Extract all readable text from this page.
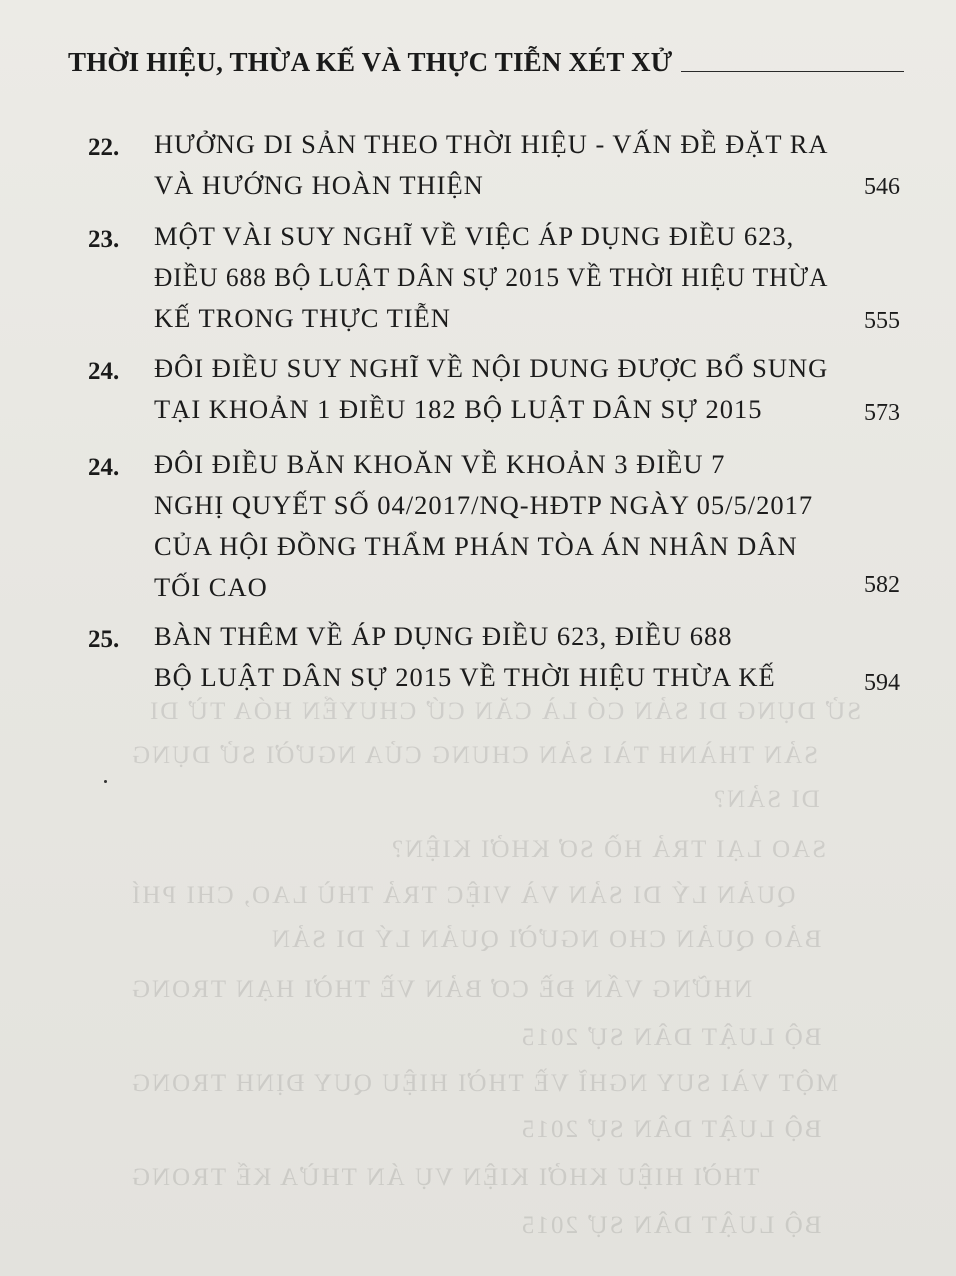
SỬ DỤNG DI SẢN CÓ LÀ CĂN CỨ CHUYỂN HÓA TỪ DI
SẢN THÀNH TÀI SẢN CHUNG CỦA NGƯỜI SỬ DỤNG
DI SẢN?
SAO LẠI TRẢ HỒ SƠ KHỞI KIỆN?
QUẢN LÝ DI SẢN VÀ VIỆC TRẢ THÙ LAO, CHI PHÍ
BẢO QUẢN CHO NGƯỜI QUẢN LÝ DI SẢN
NHỮNG VẤN ĐỀ CƠ BẢN VỀ THỜI HẠN TRONG
BỘ LUẬT DÂN SỰ 2015
MỘT VÀI SUY NGHĨ VỀ THỜI HIỆU QUY ĐỊNH TRONG
BỘ LUẬT DÂN SỰ 2015
THỜI HIỆU KHỞI KIỆN VỤ ÁN THỪA KẾ TRONG
BỘ LUẬT DÂN SỰ 2015
THỜI HIỆU, THỪA KẾ VÀ THỰC TIỄN XÉT XỬ
22. HƯỞNG DI SẢN THEO THỜI HIỆU - VẤN ĐỀ ĐẶT RA
VÀ HƯỚNG HOÀN THIỆN	546
23. MỘT VÀI SUY NGHĨ VỀ VIỆC ÁP DỤNG ĐIỀU 623,
ĐIỀU 688 BỘ LUẬT DÂN SỰ 2015 VỀ THỜI HIỆU THỪA
KẾ TRONG THỰC TIỄN	555
24. ĐÔI ĐIỀU SUY NGHĨ VỀ NỘI DUNG ĐƯỢC BỔ SUNG
TẠI KHOẢN 1 ĐIỀU 182 BỘ LUẬT DÂN SỰ 2015	573
24. ĐÔI ĐIỀU BĂN KHOĂN VỀ KHOẢN 3 ĐIỀU 7
NGHỊ QUYẾT SỐ 04/2017/NQ-HĐTP NGÀY 05/5/2017
CỦA HỘI ĐỒNG THẨM PHÁN TÒA ÁN NHÂN DÂN
TỐI CAO	582
25. BÀN THÊM VỀ ÁP DỤNG ĐIỀU 623, ĐIỀU 688
BỘ LUẬT DÂN SỰ 2015 VỀ THỜI HIỆU THỪA KẾ	594
